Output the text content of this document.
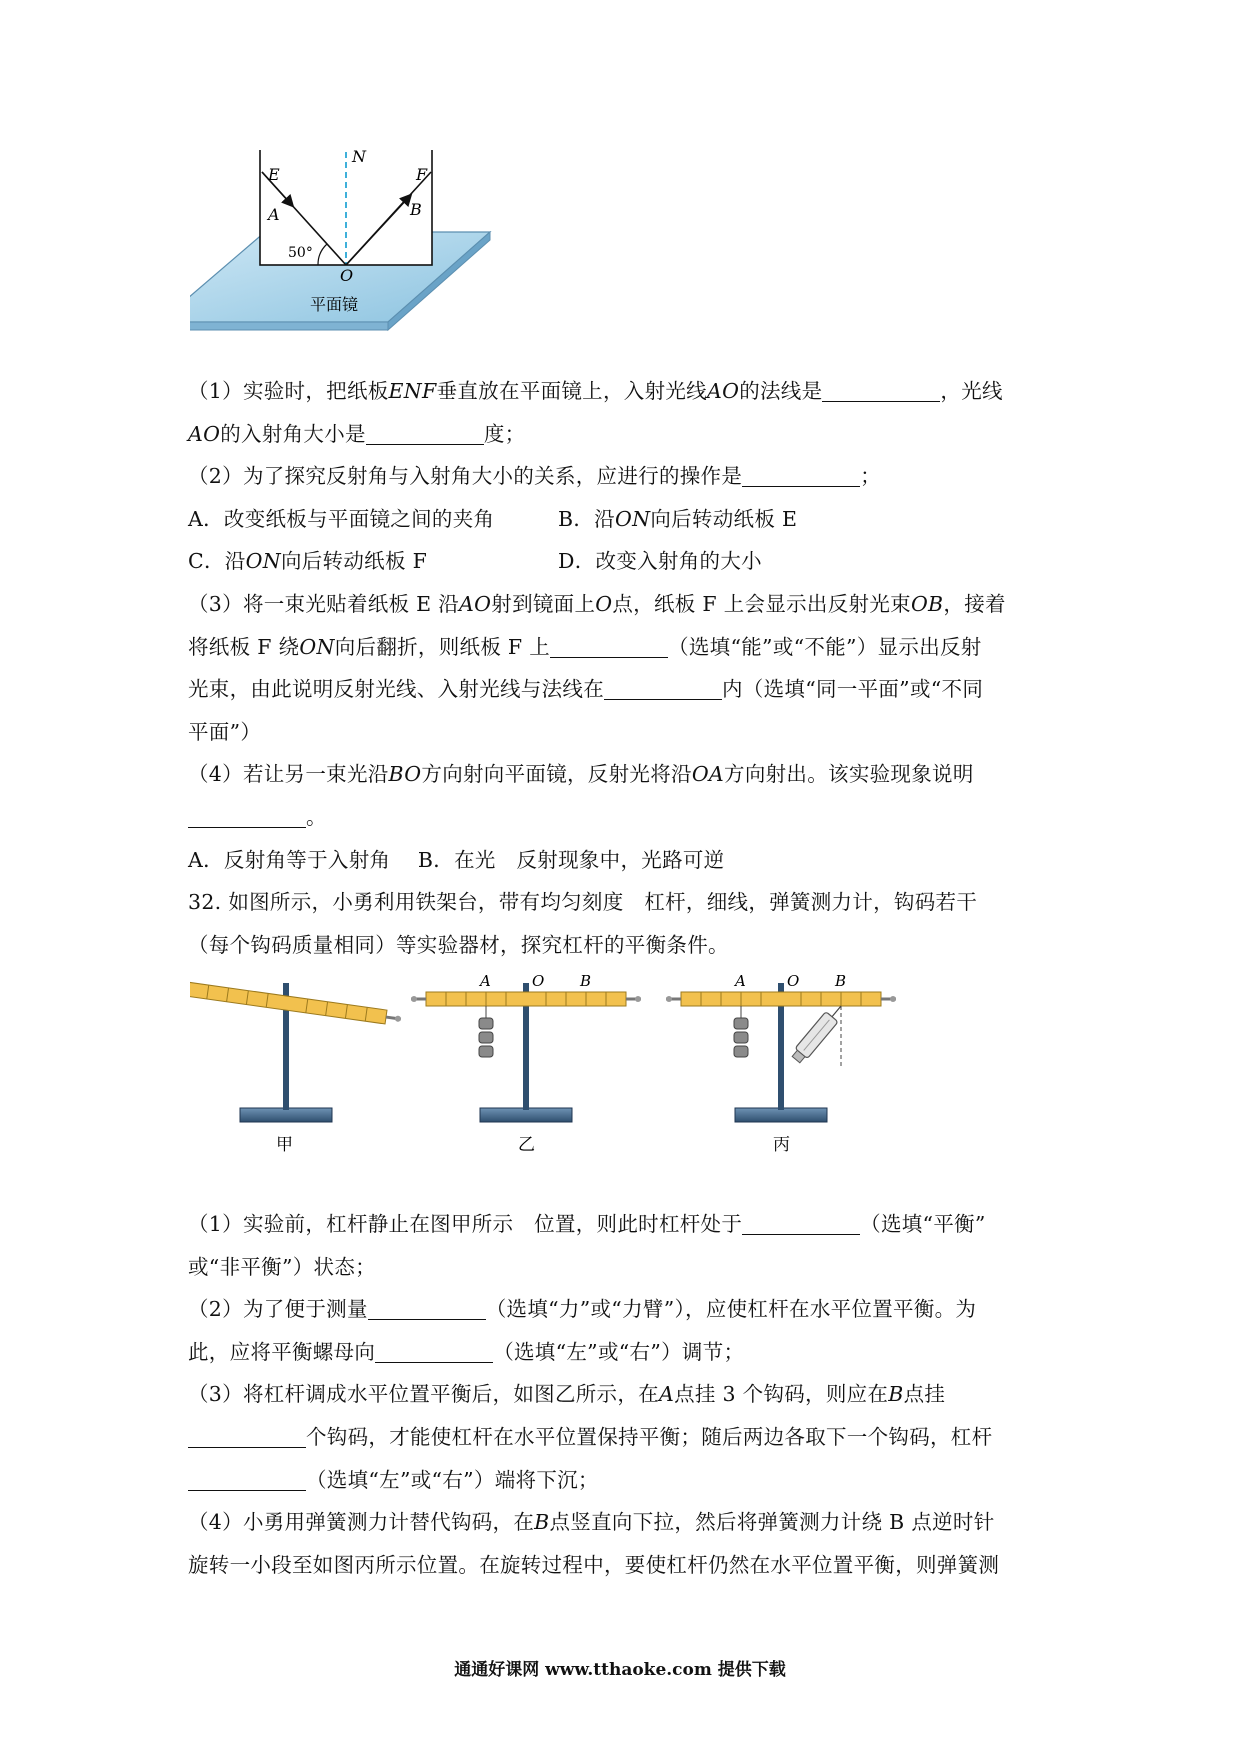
E
N
F
A	B
O
50°
平面镜
（1）实验时，把纸板ENF垂直放在平面镜上，入射光线AO的法线是	，光线
AO的入射角大小是	度；
（2）为了探究反射角与入射角大小的关系，应进行的操作是	；
A．改变纸板与平面镜之间的夹角	B．沿ON向后转动纸板 E
C．沿ON向后转动纸板 F	D．改变入射角的大小
（3）将一束光贴着纸板 E 沿AO射到镜面上O点，纸板 F 上会显示出反射光束OB，接着
将纸板 F 绕ON向后翻折，则纸板 F 上	（选填“能”或“不能”）显示出反射
光束，由此说明反射光线、入射光线与法线在	内（选填“同一平面”或“不同
平面”）
（4）若让另一束光沿BO方向射向平面镜，反射光将沿OA方向射出。该实验现象说明
。
A．反射角等于入射角　 B．在光　反射现象中，光路可逆
32. 如图所示，小勇利用铁架台，带有均匀刻度　杠杆，细线，弹簧测力计，钩码若干
（每个钩码质量相同）等实验器材，探究杠杆的平衡条件。
甲
A	O B
乙
A	O B
丙
（1）实验前，杠杆静止在图甲所示　位置，则此时杠杆处于	（选填“平衡”
或“非平衡”）状态；
（2）为了便于测量	（选填“力”或“力臂”），应使杠杆在水平位置平衡。为
此，应将平衡螺母向	（选填“左”或“右”）调节；
（3）将杠杆调成水平位置平衡后，如图乙所示，在A点挂 3 个钩码，则应在B点挂
个钩码，才能使杠杆在水平位置保持平衡；随后两边各取下一个钩码，杠杆
（选填“左”或“右”）端将下沉；
（4）小勇用弹簧测力计替代钩码，在B点竖直向下拉，然后将弹簧测力计绕 B 点逆时针
旋转一小段至如图丙所示位置。在旋转过程中，要使杠杆仍然在水平位置平衡，则弹簧测
通通好课网 www.tthaoke.com 提供下载
